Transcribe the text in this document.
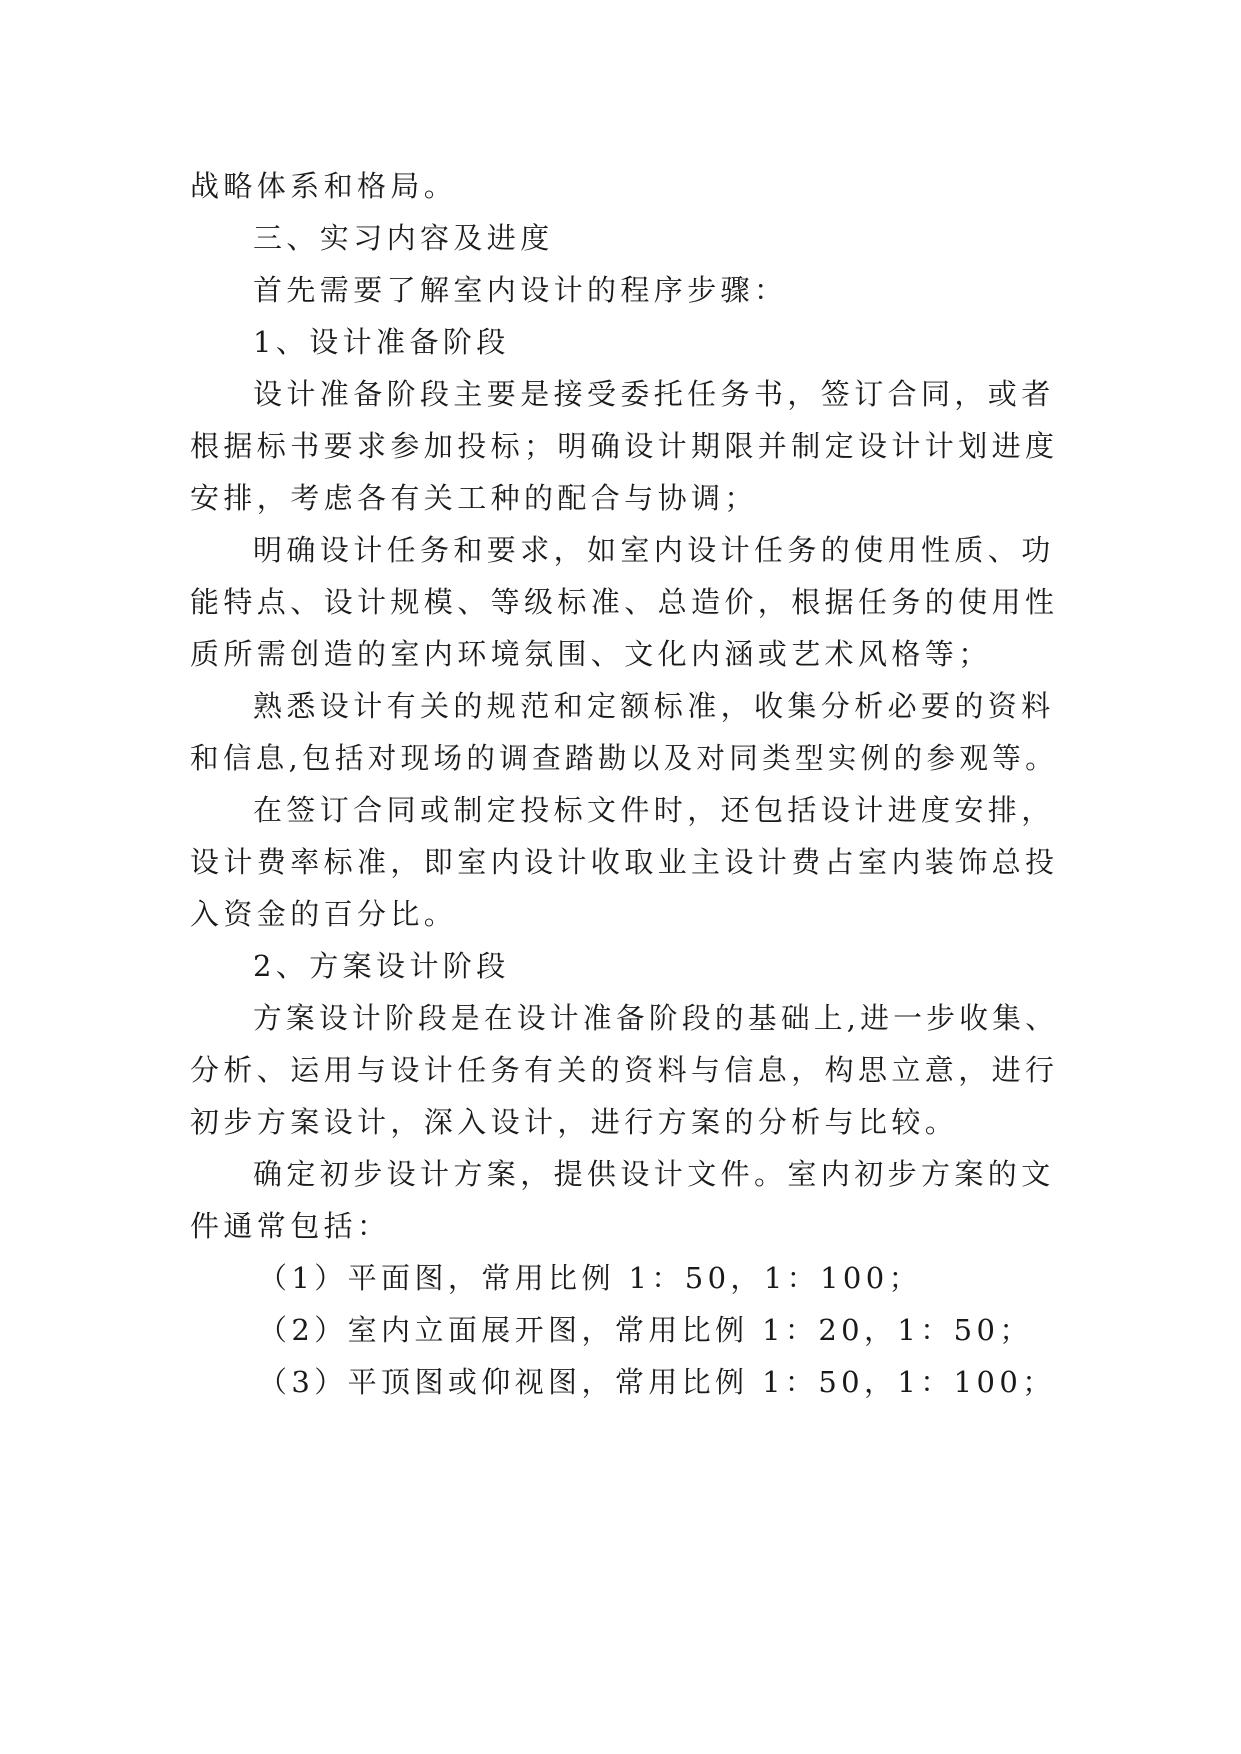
战略体系和格局。
三、实习内容及进度
首先需要了解室内设计的程序步骤：
1、设计准备阶段
设计准备阶段主要是接受委托任务书，签订合同，或者
根据标书要求参加投标；明确设计期限并制定设计计划进度
安排，考虑各有关工种的配合与协调；
明确设计任务和要求，如室内设计任务的使用性质、功
能特点、设计规模、等级标准、总造价，根据任务的使用性
质所需创造的室内环境氛围、文化内涵或艺术风格等；
熟悉设计有关的规范和定额标准，收集分析必要的资料
和信息,包括对现场的调查踏勘以及对同类型实例的参观等。
在签订合同或制定投标文件时，还包括设计进度安排，
设计费率标准，即室内设计收取业主设计费占室内装饰总投
入资金的百分比。
2、方案设计阶段
方案设计阶段是在设计准备阶段的基础上,进一步收集、
分析、运用与设计任务有关的资料与信息，构思立意，进行
初步方案设计，深入设计，进行方案的分析与比较。
确定初步设计方案，提供设计文件。室内初步方案的文
件通常包括：
（1）平面图，常用比例 1：50，1：100；
（2）室内立面展开图，常用比例 1：20，1：50；
（3）平顶图或仰视图，常用比例 1：50，1：100；
